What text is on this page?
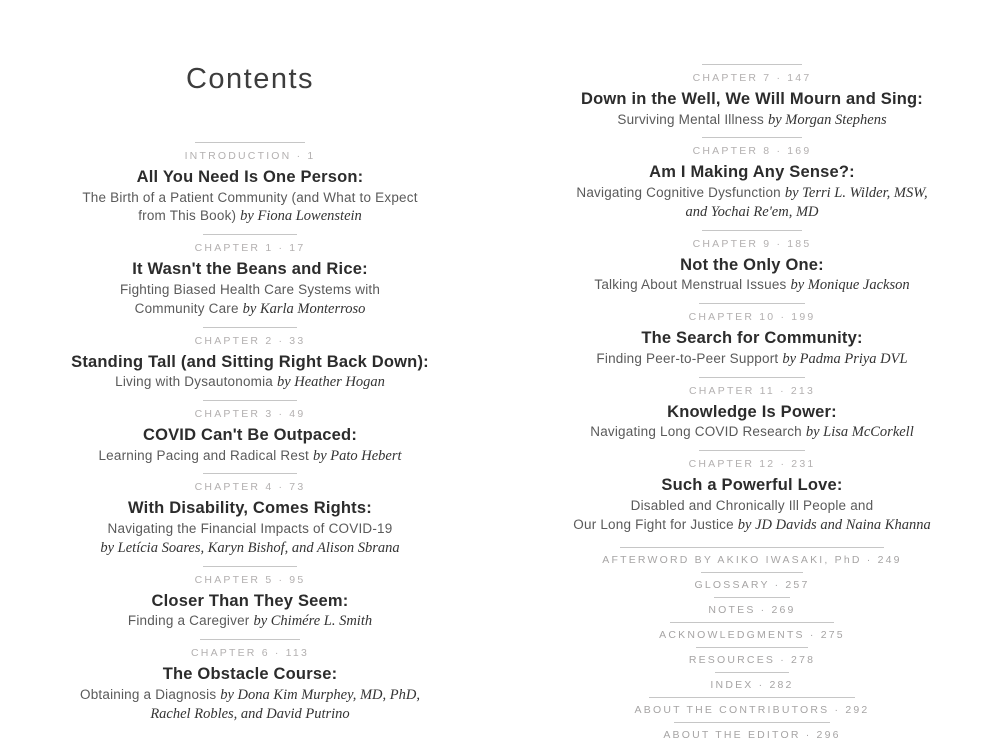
Contents
INTRODUCTION · 1
All You Need Is One Person:
The Birth of a Patient Community (and What to Expect
from This Book) by Fiona Lowenstein
CHAPTER 1 · 17
It Wasn't the Beans and Rice:
Fighting Biased Health Care Systems with
Community Care by Karla Monterroso
CHAPTER 2 · 33
Standing Tall (and Sitting Right Back Down):
Living with Dysautonomia by Heather Hogan
CHAPTER 3 · 49
COVID Can't Be Outpaced:
Learning Pacing and Radical Rest by Pato Hebert
CHAPTER 4 · 73
With Disability, Comes Rights:
Navigating the Financial Impacts of COVID-19
by Letícia Soares, Karyn Bishof, and Alison Sbrana
CHAPTER 5 · 95
Closer Than They Seem:
Finding a Caregiver by Chimére L. Smith
CHAPTER 6 · 113
The Obstacle Course:
Obtaining a Diagnosis by Dona Kim Murphey, MD, PhD,
Rachel Robles, and David Putrino
CHAPTER 7 · 147
Down in the Well, We Will Mourn and Sing:
Surviving Mental Illness by Morgan Stephens
CHAPTER 8 · 169
Am I Making Any Sense?:
Navigating Cognitive Dysfunction by Terri L. Wilder, MSW,
and Yochai Re'em, MD
CHAPTER 9 · 185
Not the Only One:
Talking About Menstrual Issues by Monique Jackson
CHAPTER 10 · 199
The Search for Community:
Finding Peer-to-Peer Support by Padma Priya DVL
CHAPTER 11 · 213
Knowledge Is Power:
Navigating Long COVID Research by Lisa McCorkell
CHAPTER 12 · 231
Such a Powerful Love:
Disabled and Chronically Ill People and
Our Long Fight for Justice by JD Davids and Naina Khanna
AFTERWORD BY AKIKO IWASAKI, PhD · 249
GLOSSARY · 257
NOTES · 269
ACKNOWLEDGMENTS · 275
RESOURCES · 278
INDEX · 282
ABOUT THE CONTRIBUTORS · 292
ABOUT THE EDITOR · 296
